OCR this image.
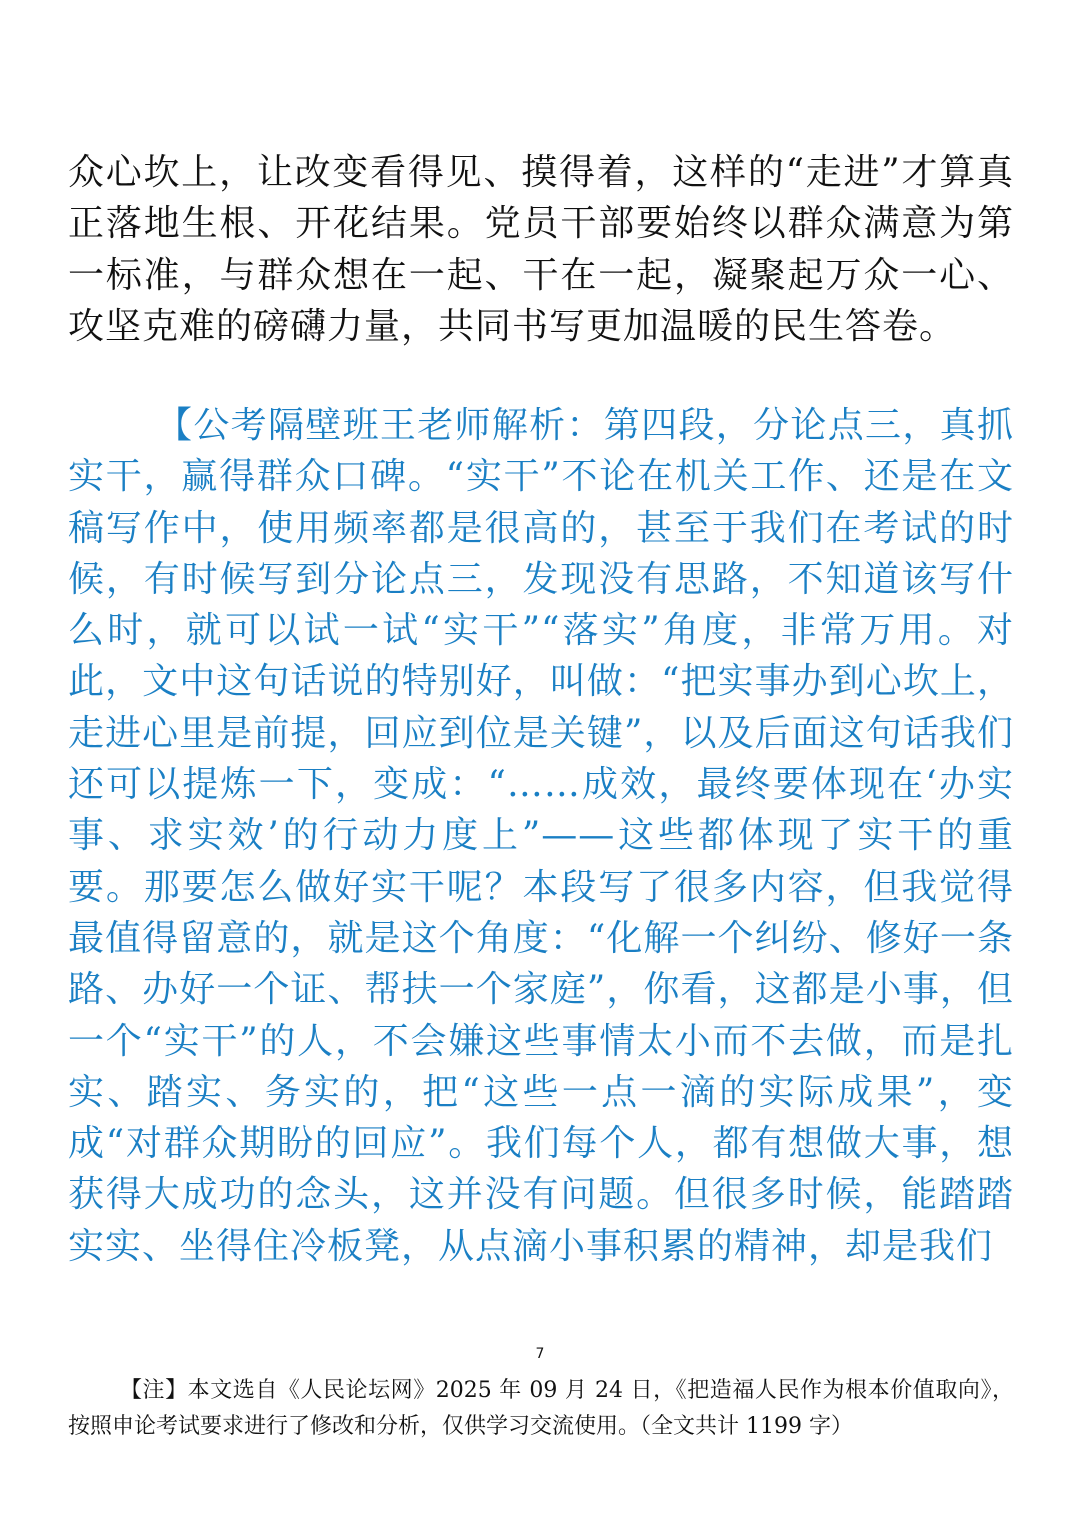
众心坎上，让改变看得见、摸得着，这样的“走进”才算真正落地生根、开花结果。党员干部要始终以群众满意为第一标准，与群众想在一起、干在一起，凝聚起万众一心、攻坚克难的磅礴力量，共同书写更加温暖的民生答卷。

【公考隔壁班王老师解析：第四段，分论点三，真抓实干，赢得群众口碑。“实干”不论在机关工作、还是在文稿写作中，使用频率都是很高的，甚至于我们在考试的时候，有时候写到分论点三，发现没有思路，不知道该写什么时，就可以试一试“实干”“落实”角度，非常万用。对此，文中这句话说的特别好，叫做：“把实事办到心坎上，走进心里是前提，回应到位是关键”，以及后面这句话我们还可以提炼一下，变成：“……成效，最终要体现在‘办实事、求实效’的行动力度上”——这些都体现了实干的重要。那要怎么做好实干呢？本段写了很多内容，但我觉得最值得留意的，就是这个角度：“化解一个纠纷、修好一条路、办好一个证、帮扶一个家庭”，你看，这都是小事，但一个“实干”的人，不会嫌这些事情太小而不去做，而是扎实、踏实、务实的，把“这些一点一滴的实际成果”，变成“对群众期盼的回应”。我们每个人，都有想做大事，想获得大成功的念头，这并没有问题。但很多时候，能踏踏实实、坐得住冷板凳，从点滴小事积累的精神，却是我们

7

【注】本文选自《人民论坛网》2025 年 09 月 24 日，《把造福人民作为根本价值取向》，按照申论考试要求进行了修改和分析，仅供学习交流使用。（全文共计 1199 字）
